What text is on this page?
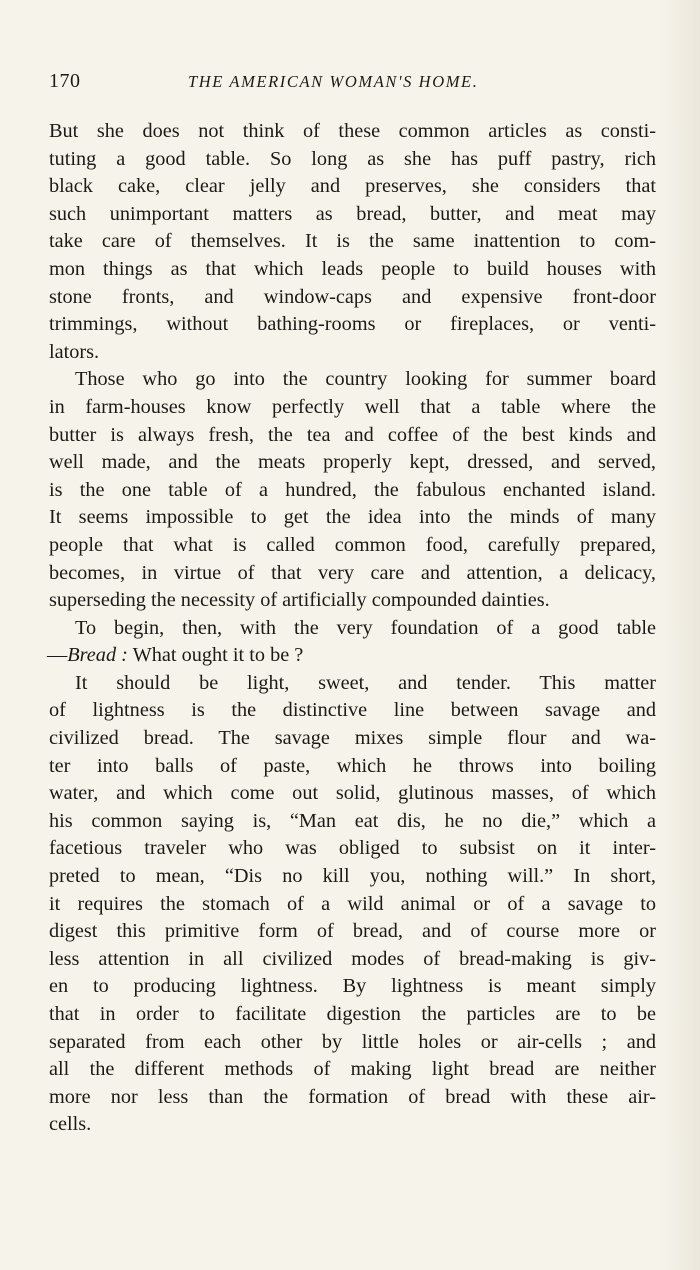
170	THE AMERICAN WOMAN'S HOME.
But she does not think of these common articles as consti-
tuting a good table. So long as she has puff pastry, rich
black cake, clear jelly and preserves, she considers that
such unimportant matters as bread, butter, and meat may
take care of themselves. It is the same inattention to com-
mon things as that which leads people to build houses with
stone fronts, and window-caps and expensive front-door
trimmings, without bathing-rooms or fireplaces, or venti-
lators.
Those who go into the country looking for summer board
in farm-houses know perfectly well that a table where the
butter is always fresh, the tea and coffee of the best kinds and
well made, and the meats properly kept, dressed, and served,
is the one table of a hundred, the fabulous enchanted island.
It seems impossible to get the idea into the minds of many
people that what is called common food, carefully prepared,
becomes, in virtue of that very care and attention, a delicacy,
superseding the necessity of artificially compounded dainties.
To begin, then, with the very foundation of a good table
—Bread : What ought it to be ?
It should be light, sweet, and tender. This matter
of lightness is the distinctive line between savage and
civilized bread. The savage mixes simple flour and wa-
ter into balls of paste, which he throws into boiling
water, and which come out solid, glutinous masses, of which
his common saying is, “Man eat dis, he no die,” which a
facetious traveler who was obliged to subsist on it inter-
preted to mean, “Dis no kill you, nothing will.” In short,
it requires the stomach of a wild animal or of a savage to
digest this primitive form of bread, and of course more or
less attention in all civilized modes of bread-making is giv-
en to producing lightness. By lightness is meant simply
that in order to facilitate digestion the particles are to be
separated from each other by little holes or air-cells ; and
all the different methods of making light bread are neither
more nor less than the formation of bread with these air-
cells.
